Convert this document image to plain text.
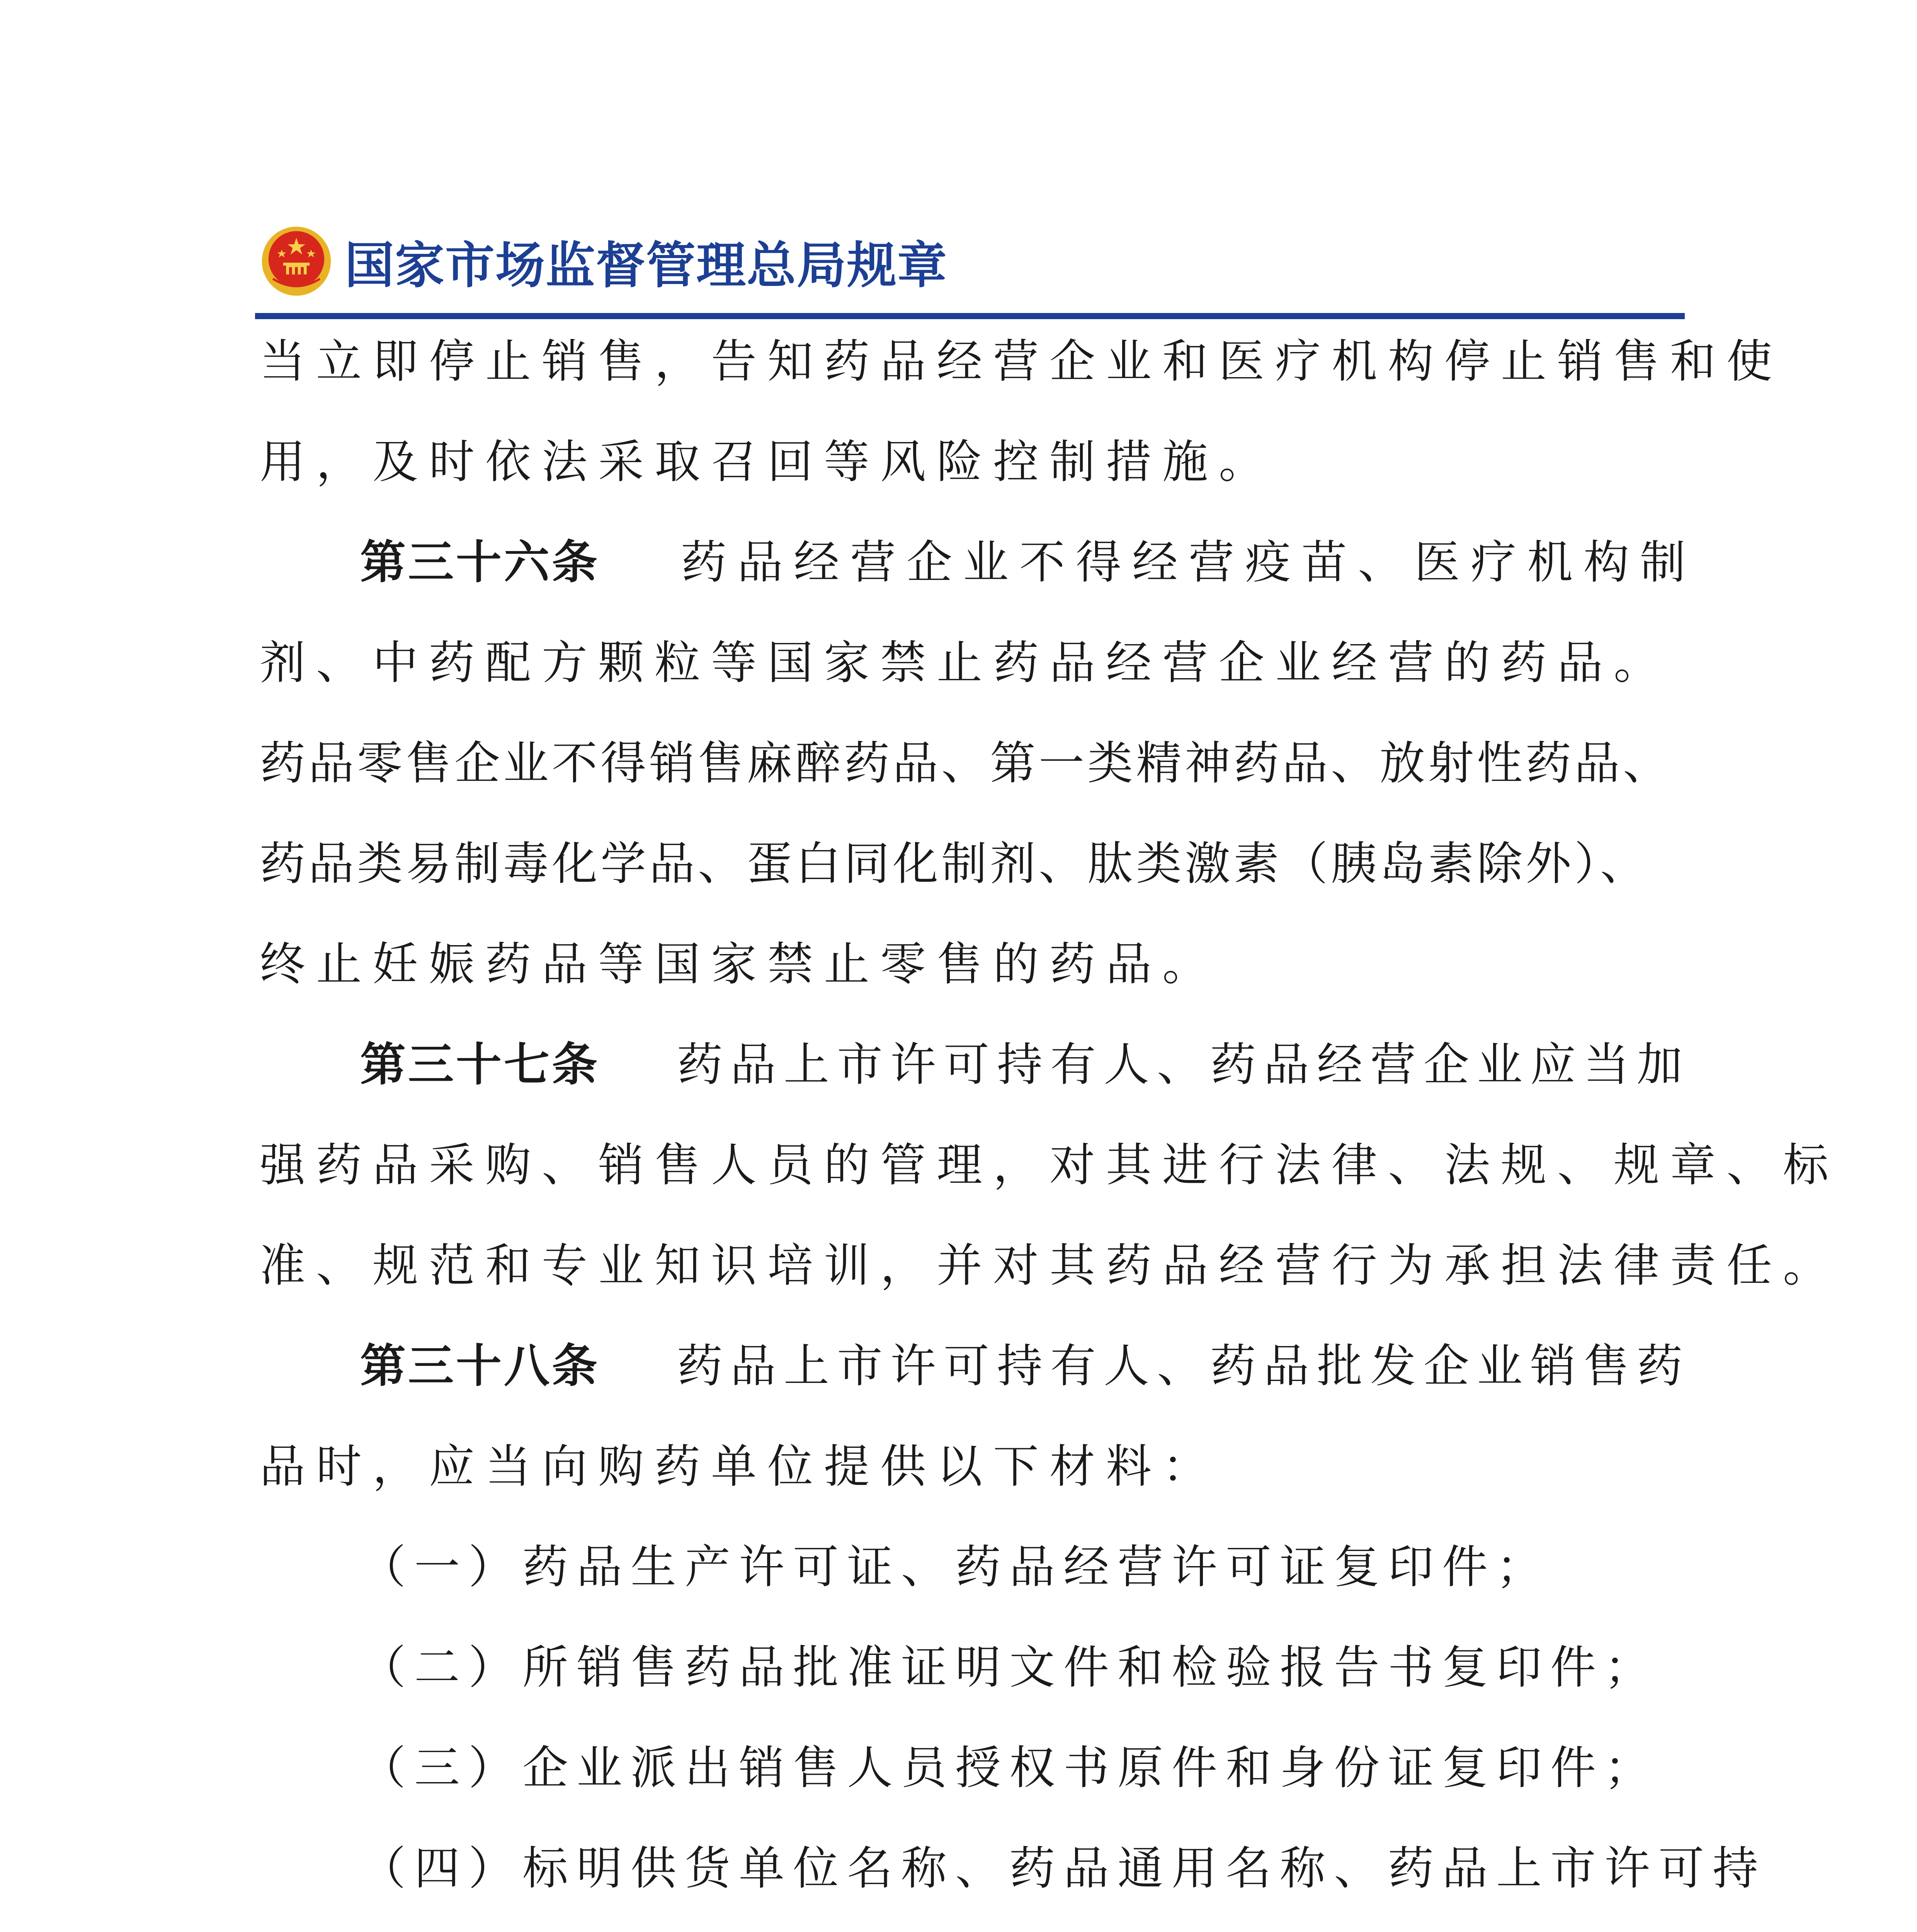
国家市场监督管理总局规章
当立即停止销售，告知药品经营企业和医疗机构停止销售和使
用，及时依法采取召回等风险控制措施。
第三十六条 药品经营企业不得经营疫苗、医疗机构制
剂、中药配方颗粒等国家禁止药品经营企业经营的药品。
药品零售企业不得销售麻醉药品、第一类精神药品、放射性药品、
药品类易制毒化学品、蛋白同化制剂、肽类激素（胰岛素除外）、
终止妊娠药品等国家禁止零售的药品。
第三十七条 药品上市许可持有人、药品经营企业应当加
强药品采购、销售人员的管理，对其进行法律、法规、规章、标
准、规范和专业知识培训，并对其药品经营行为承担法律责任。
第三十八条 药品上市许可持有人、药品批发企业销售药
品时，应当向购药单位提供以下材料：
（一）药品生产许可证、药品经营许可证复印件；
（二）所销售药品批准证明文件和检验报告书复印件；
（三）企业派出销售人员授权书原件和身份证复印件；
（四）标明供货单位名称、药品通用名称、药品上市许可持
